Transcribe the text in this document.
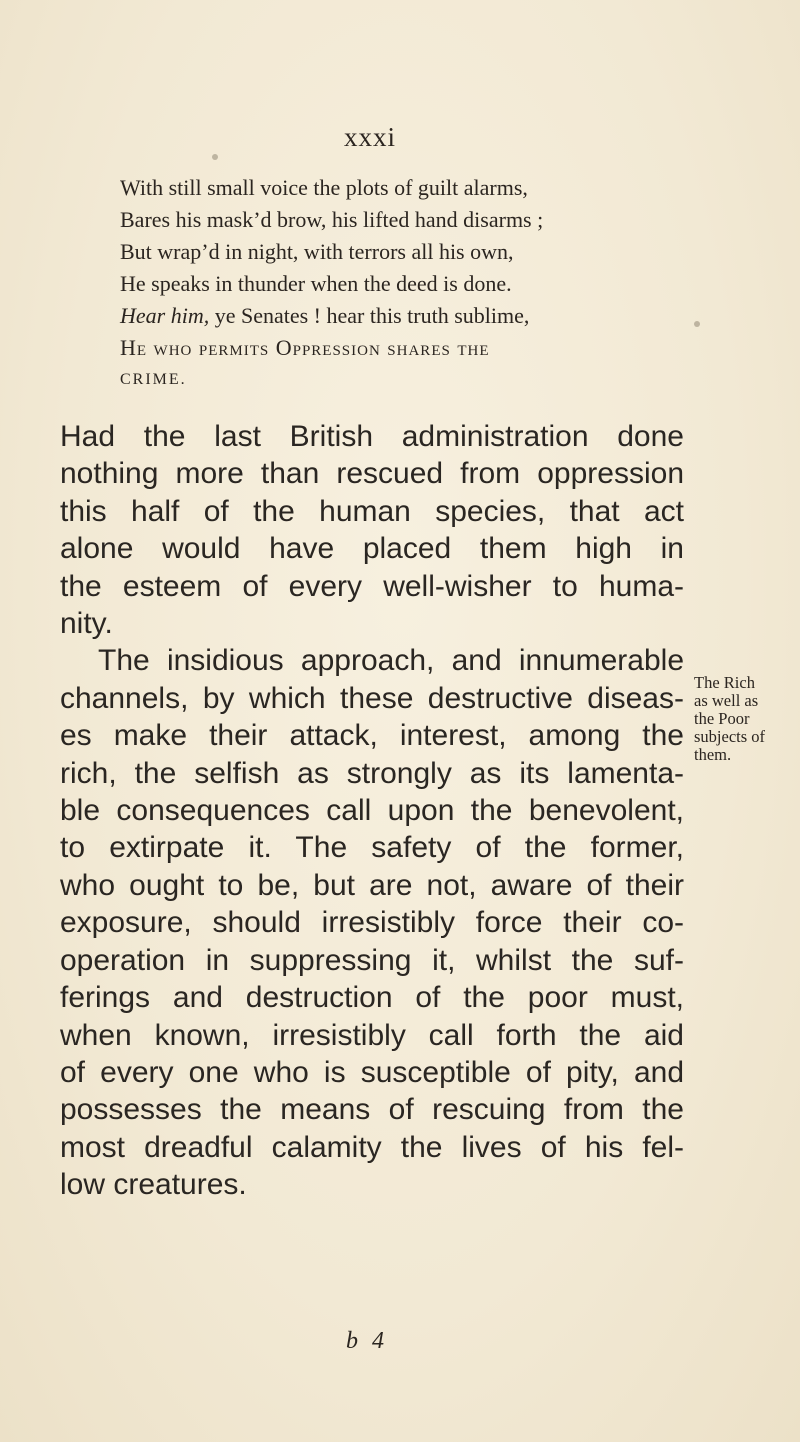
xxxi
With still small voice the plots of guilt alarms,
Bares his mask’d brow, his lifted hand disarms ;
But wrap’d in night, with terrors all his own,
He speaks in thunder when the deed is done.
Hear him, ye Senates ! hear this truth sublime,
He who permits Oppression shares the
CRIME.
Had the last British administration done
nothing more than rescued from oppression
this half of the human species, that act
alone would have placed them high in
the esteem of every well-wisher to huma-
nity.
The insidious approach, and innumerable
channels, by which these destructive diseas-
es make their attack, interest, among the
rich, the selfish as strongly as its lamenta-
ble consequences call upon the benevolent,
to extirpate it. The safety of the former,
who ought to be, but are not, aware of their
exposure, should irresistibly force their co-
operation in suppressing it, whilst the suf-
ferings and destruction of the poor must,
when known, irresistibly call forth the aid
of every one who is susceptible of pity, and
possesses the means of rescuing from the
most dreadful calamity the lives of his fel-
low creatures.
The Rich
as well as
the Poor
subjects of
them.
b 4
